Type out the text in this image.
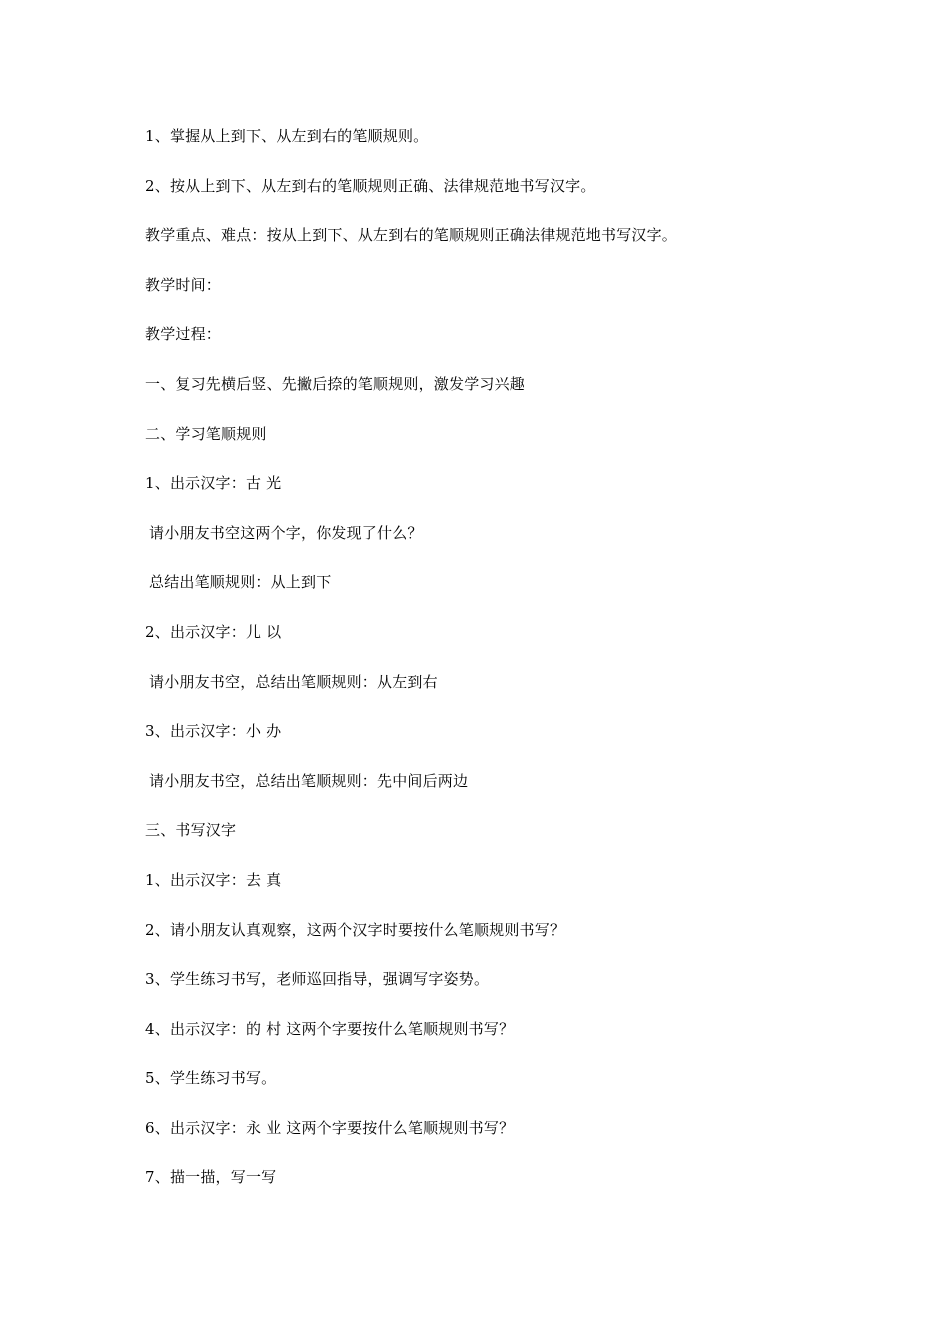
1、掌握从上到下、从左到右的笔顺规则。
2、按从上到下、从左到右的笔顺规则正确、法律规范地书写汉字。
教学重点、难点：按从上到下、从左到右的笔顺规则正确法律规范地书写汉字。
教学时间：
教学过程：
一、复习先横后竖、先撇后捺的笔顺规则，激发学习兴趣
二、学习笔顺规则
1、出示汉字：古 光
请小朋友书空这两个字，你发现了什么？
总结出笔顺规则：从上到下
2、出示汉字：儿 以
请小朋友书空，总结出笔顺规则：从左到右
3、出示汉字：小 办
请小朋友书空，总结出笔顺规则：先中间后两边
三、书写汉字
1、出示汉字：去 真
2、请小朋友认真观察，这两个汉字时要按什么笔顺规则书写？
3、学生练习书写，老师巡回指导，强调写字姿势。
4、出示汉字：的 村 这两个字要按什么笔顺规则书写？
5、学生练习书写。
6、出示汉字：永 业 这两个字要按什么笔顺规则书写？
7、描一描，写一写
